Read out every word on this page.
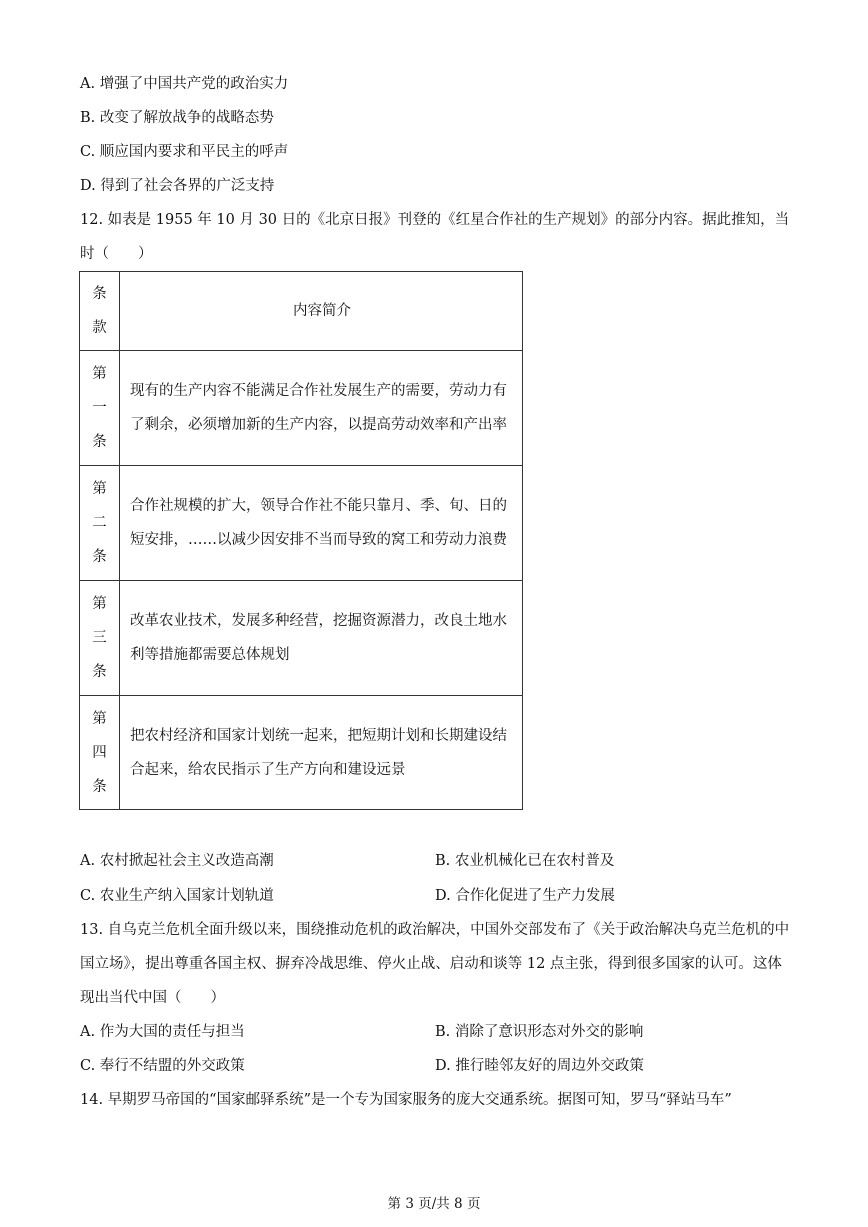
A. 增强了中国共产党的政治实力
B. 改变了解放战争的战略态势
C. 顺应国内要求和平民主的呼声
D. 得到了社会各界的广泛支持
12. 如表是 1955 年 10 月 30 日的《北京日报》刊登的《红星合作社的生产规划》的部分内容。据此推知，当时（　　）
条
款	内容简介

第
一
条	现有的生产内容不能满足合作社发展生产的需要，劳动力有了剩余，必须增加新的生产内容，以提高劳动效率和产出率

第
二
条	合作社规模的扩大，领导合作社不能只靠月、季、旬、日的短安排，……以减少因安排不当而导致的窝工和劳动力浪费

第
三
条	改革农业技术，发展多种经营，挖掘资源潜力，改良土地水利等措施都需要总体规划

第
四
条	把农村经济和国家计划统一起来，把短期计划和长期建设结合起来，给农民指示了生产方向和建设远景
A. 农村掀起社会主义改造高潮	B. 农业机械化已在农村普及
C. 农业生产纳入国家计划轨道	D. 合作化促进了生产力发展
13. 自乌克兰危机全面升级以来，围绕推动危机的政治解决，中国外交部发布了《关于政治解决乌克兰危机的中国立场》，提出尊重各国主权、摒弃冷战思维、停火止战、启动和谈等 12 点主张，得到很多国家的认可。这体现出当代中国（　　）
A. 作为大国的责任与担当	B. 消除了意识形态对外交的影响
C. 奉行不结盟的外交政策	D. 推行睦邻友好的周边外交政策
14. 早期罗马帝国的“国家邮驿系统”是一个专为国家服务的庞大交通系统。据图可知，罗马“驿站马车”
第 3 页/共 8 页
